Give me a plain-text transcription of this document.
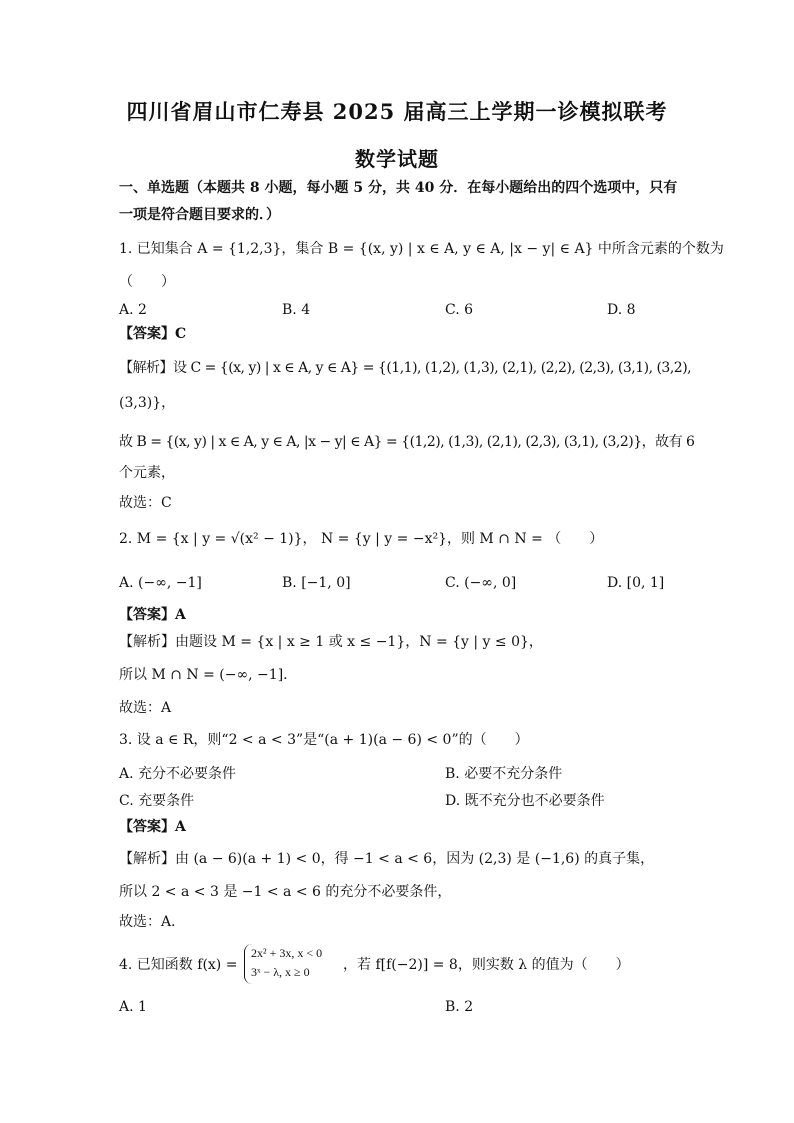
四川省眉山市仁寿县 2025 届高三上学期一诊模拟联考
数学试题
一、单选题（本题共 8 小题，每小题 5 分，共 40 分．在每小题给出的四个选项中，只有
一项是符合题目要求的．）
1. 已知集合 A = {1,2,3}，集合 B = {(x, y) | x ∈ A, y ∈ A, |x − y| ∈ A} 中所含元素的个数为
（　　）
A. 2	B. 4	C. 6	D. 8
【答案】C
【解析】设 C = {(x, y) | x ∈ A, y ∈ A} = {(1,1), (1,2), (1,3), (2,1), (2,2), (2,3), (3,1), (3,2),
(3,3)}，
故 B = {(x, y) | x ∈ A, y ∈ A, |x − y| ∈ A} = {(1,2), (1,3), (2,1), (2,3), (3,1), (3,2)}，故有 6
个元素，
故选：C
2. M = {x | y = √(x² − 1)}， N = {y | y = −x²}，则 M ∩ N = （　　）
A. (−∞, −1]	B. [−1, 0]	C. (−∞, 0]	D. [0, 1]
【答案】A
【解析】由题设 M = {x | x ≥ 1 或 x ≤ −1}，N = {y | y ≤ 0}，
所以 M ∩ N = (−∞, −1].
故选：A
3. 设 a ∈ R，则“2 < a < 3”是“(a + 1)(a − 6) < 0”的（　　）
A. 充分不必要条件	B. 必要不充分条件
C. 充要条件	D. 既不充分也不必要条件
【答案】A
【解析】由 (a − 6)(a + 1) < 0，得 −1 < a < 6，因为 (2,3) 是 (−1,6) 的真子集，
所以 2 < a < 3 是 −1 < a < 6 的充分不必要条件，
故选：A．
4. 已知函数 f(x) =
2x² + 3x, x < 0
3ˣ − λ, x ≥ 0	，若 f[f(−2)] = 8，则实数 λ 的值为（　　）
A. 1	B. 2
